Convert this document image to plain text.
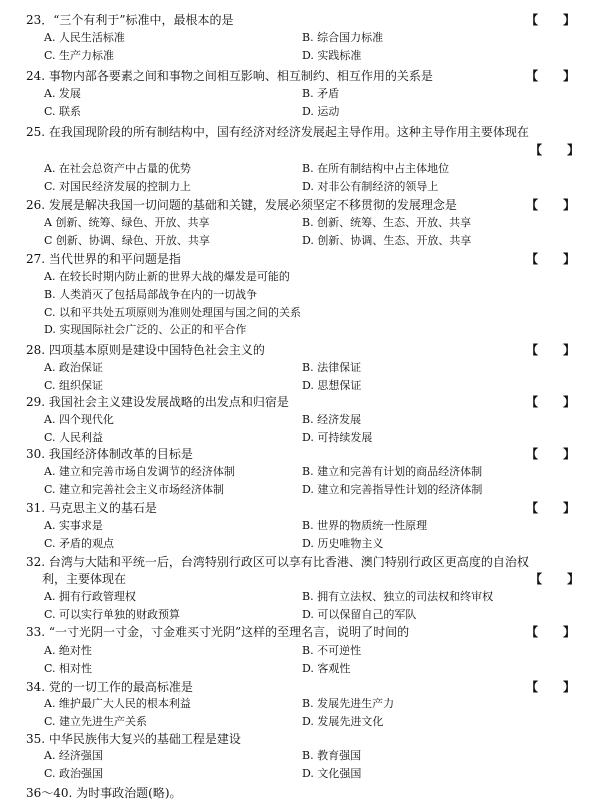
23．“三个有利于”标准中，最根本的是	【      】
A. 人民生活标准	B. 综合国力标准
C. 生产力标准	D. 实践标准
24. 事物内部各要素之间和事物之间相互影响、相互制约、相互作用的关系是	【      】
A. 发展	B. 矛盾
C. 联系	D. 运动
25. 在我国现阶段的所有制结构中，国有经济对经济发展起主导作用。这种主导作用主要体现在
【      】
A. 在社会总资产中占量的优势	B. 在所有制结构中占主体地位
C. 对国民经济发展的控制力上	D. 对非公有制经济的领导上
26. 发展是解决我国一切问题的基础和关键，发展必须坚定不移贯彻的发展理念是	【      】
A 创新、统筹、绿色、开放、共享	B. 创新、统筹、生态、开放、共享
C 创新、协调、绿色、开放、共享	D. 创新、协调、生态、开放、共享
27. 当代世界的和平问题是指	【      】
A. 在较长时期内防止新的世界大战的爆发是可能的
B. 人类消灭了包括局部战争在内的一切战争
C. 以和平共处五项原则为准则处理国与国之间的关系
D. 实现国际社会广泛的、公正的和平合作
28. 四项基本原则是建设中国特色社会主义的	【      】
A. 政治保证	B. 法律保证
C. 组织保证	D. 思想保证
29. 我国社会主义建设发展战略的出发点和归宿是	【      】
A. 四个现代化	B. 经济发展
C. 人民利益	D. 可持续发展
30. 我国经济体制改革的目标是	【      】
A. 建立和完善市场自发调节的经济体制	B. 建立和完善有计划的商品经济体制
C. 建立和完善社会主义市场经济体制	D. 建立和完善指导性计划的经济体制
31. 马克思主义的基石是	【      】
A. 实事求是	B. 世界的物质统一性原理
C. 矛盾的观点	D. 历史唯物主义
32. 台湾与大陆和平统一后，台湾特别行政区可以享有比香港、澳门特别行政区更高度的自治权
利，主要体现在	【      】
A. 拥有行政管理权	B. 拥有立法权、独立的司法权和终审权
C. 可以实行单独的财政预算	D. 可以保留自己的军队
33. “一寸光阴一寸金，寸金难买寸光阴”这样的至理名言，说明了时间的	【      】
A. 绝对性	B. 不可逆性
C. 相对性	D. 客观性
34. 党的一切工作的最高标准是	【      】
A. 维护最广大人民的根本利益	B. 发展先进生产力
C. 建立先进生产关系	D. 发展先进文化
35. 中华民族伟大复兴的基础工程是建设
A. 经济强国	B. 教育强国
C. 政治强国	D. 文化强国
36～40. 为时事政治题(略)。
